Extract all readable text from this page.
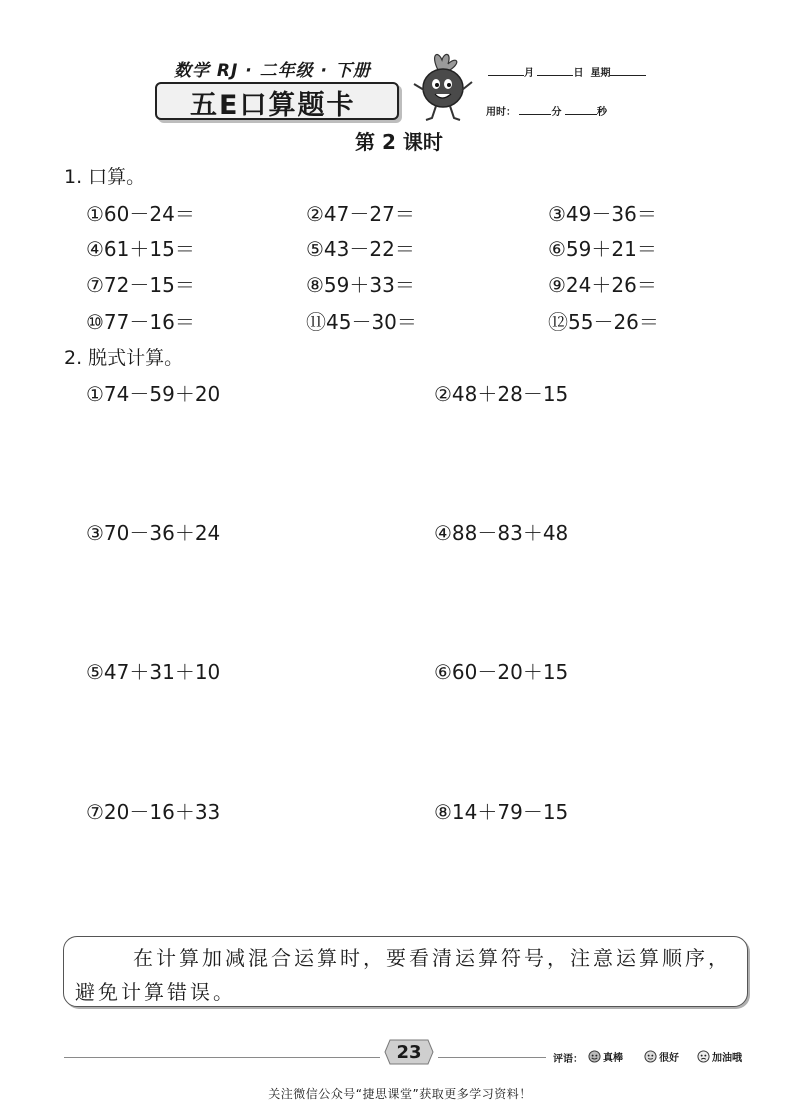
数学 RJ · 二年级 · 下册
五E口算题卡
月	日 星期
用时：	分	秒
第 2 课时
1. 口算。
①60－24＝	②47－27＝	③49－36＝
④61＋15＝	⑤43－22＝	⑥59＋21＝
⑦72－15＝	⑧59＋33＝	⑨24＋26＝
⑩77－16＝	⑪45－30＝	⑫55－26＝
2. 脱式计算。
①74－59＋20	②48＋28－15
③70－36＋24	④88－83＋48
⑤47＋31＋10	⑥60－20＋15
⑦20－16＋33	⑧14＋79－15
在计算加减混合运算时，要看清运算符号，注意运算顺序，避免计算错误。
23	评语： 真棒	很好	加油哦
关注微信公众号“捷思课堂”获取更多学习资料！
